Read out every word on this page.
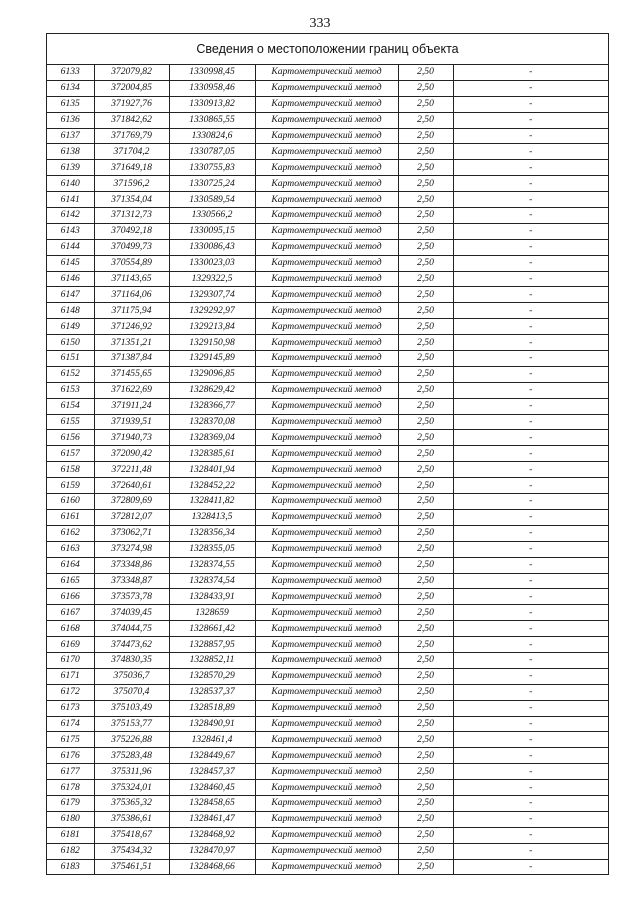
333
Сведения о местоположении границ объекта
6133	372079,82	1330998,45	Картометрический метод	2,50	-
6134	372004,85	1330958,46	Картометрический метод	2,50	-
6135	371927,76	1330913,82	Картометрический метод	2,50	-
6136	371842,62	1330865,55	Картометрический метод	2,50	-
6137	371769,79	1330824,6	Картометрический метод	2,50	-
6138	371704,2	1330787,05	Картометрический метод	2,50	-
6139	371649,18	1330755,83	Картометрический метод	2,50	-
6140	371596,2	1330725,24	Картометрический метод	2,50	-
6141	371354,04	1330589,54	Картометрический метод	2,50	-
6142	371312,73	1330566,2	Картометрический метод	2,50	-
6143	370492,18	1330095,15	Картометрический метод	2,50	-
6144	370499,73	1330086,43	Картометрический метод	2,50	-
6145	370554,89	1330023,03	Картометрический метод	2,50	-
6146	371143,65	1329322,5	Картометрический метод	2,50	-
6147	371164,06	1329307,74	Картометрический метод	2,50	-
6148	371175,94	1329292,97	Картометрический метод	2,50	-
6149	371246,92	1329213,84	Картометрический метод	2,50	-
6150	371351,21	1329150,98	Картометрический метод	2,50	-
6151	371387,84	1329145,89	Картометрический метод	2,50	-
6152	371455,65	1329096,85	Картометрический метод	2,50	-
6153	371622,69	1328629,42	Картометрический метод	2,50	-
6154	371911,24	1328366,77	Картометрический метод	2,50	-
6155	371939,51	1328370,08	Картометрический метод	2,50	-
6156	371940,73	1328369,04	Картометрический метод	2,50	-
6157	372090,42	1328385,61	Картометрический метод	2,50	-
6158	372211,48	1328401,94	Картометрический метод	2,50	-
6159	372640,61	1328452,22	Картометрический метод	2,50	-
6160	372809,69	1328411,82	Картометрический метод	2,50	-
6161	372812,07	1328413,5	Картометрический метод	2,50	-
6162	373062,71	1328356,34	Картометрический метод	2,50	-
6163	373274,98	1328355,05	Картометрический метод	2,50	-
6164	373348,86	1328374,55	Картометрический метод	2,50	-
6165	373348,87	1328374,54	Картометрический метод	2,50	-
6166	373573,78	1328433,91	Картометрический метод	2,50	-
6167	374039,45	1328659	Картометрический метод	2,50	-
6168	374044,75	1328661,42	Картометрический метод	2,50	-
6169	374473,62	1328857,95	Картометрический метод	2,50	-
6170	374830,35	1328852,11	Картометрический метод	2,50	-
6171	375036,7	1328570,29	Картометрический метод	2,50	-
6172	375070,4	1328537,37	Картометрический метод	2,50	-
6173	375103,49	1328518,89	Картометрический метод	2,50	-
6174	375153,77	1328490,91	Картометрический метод	2,50	-
6175	375226,88	1328461,4	Картометрический метод	2,50	-
6176	375283,48	1328449,67	Картометрический метод	2,50	-
6177	375311,96	1328457,37	Картометрический метод	2,50	-
6178	375324,01	1328460,45	Картометрический метод	2,50	-
6179	375365,32	1328458,65	Картометрический метод	2,50	-
6180	375386,61	1328461,47	Картометрический метод	2,50	-
6181	375418,67	1328468,92	Картометрический метод	2,50	-
6182	375434,32	1328470,97	Картометрический метод	2,50	-
6183	375461,51	1328468,66	Картометрический метод	2,50	-
